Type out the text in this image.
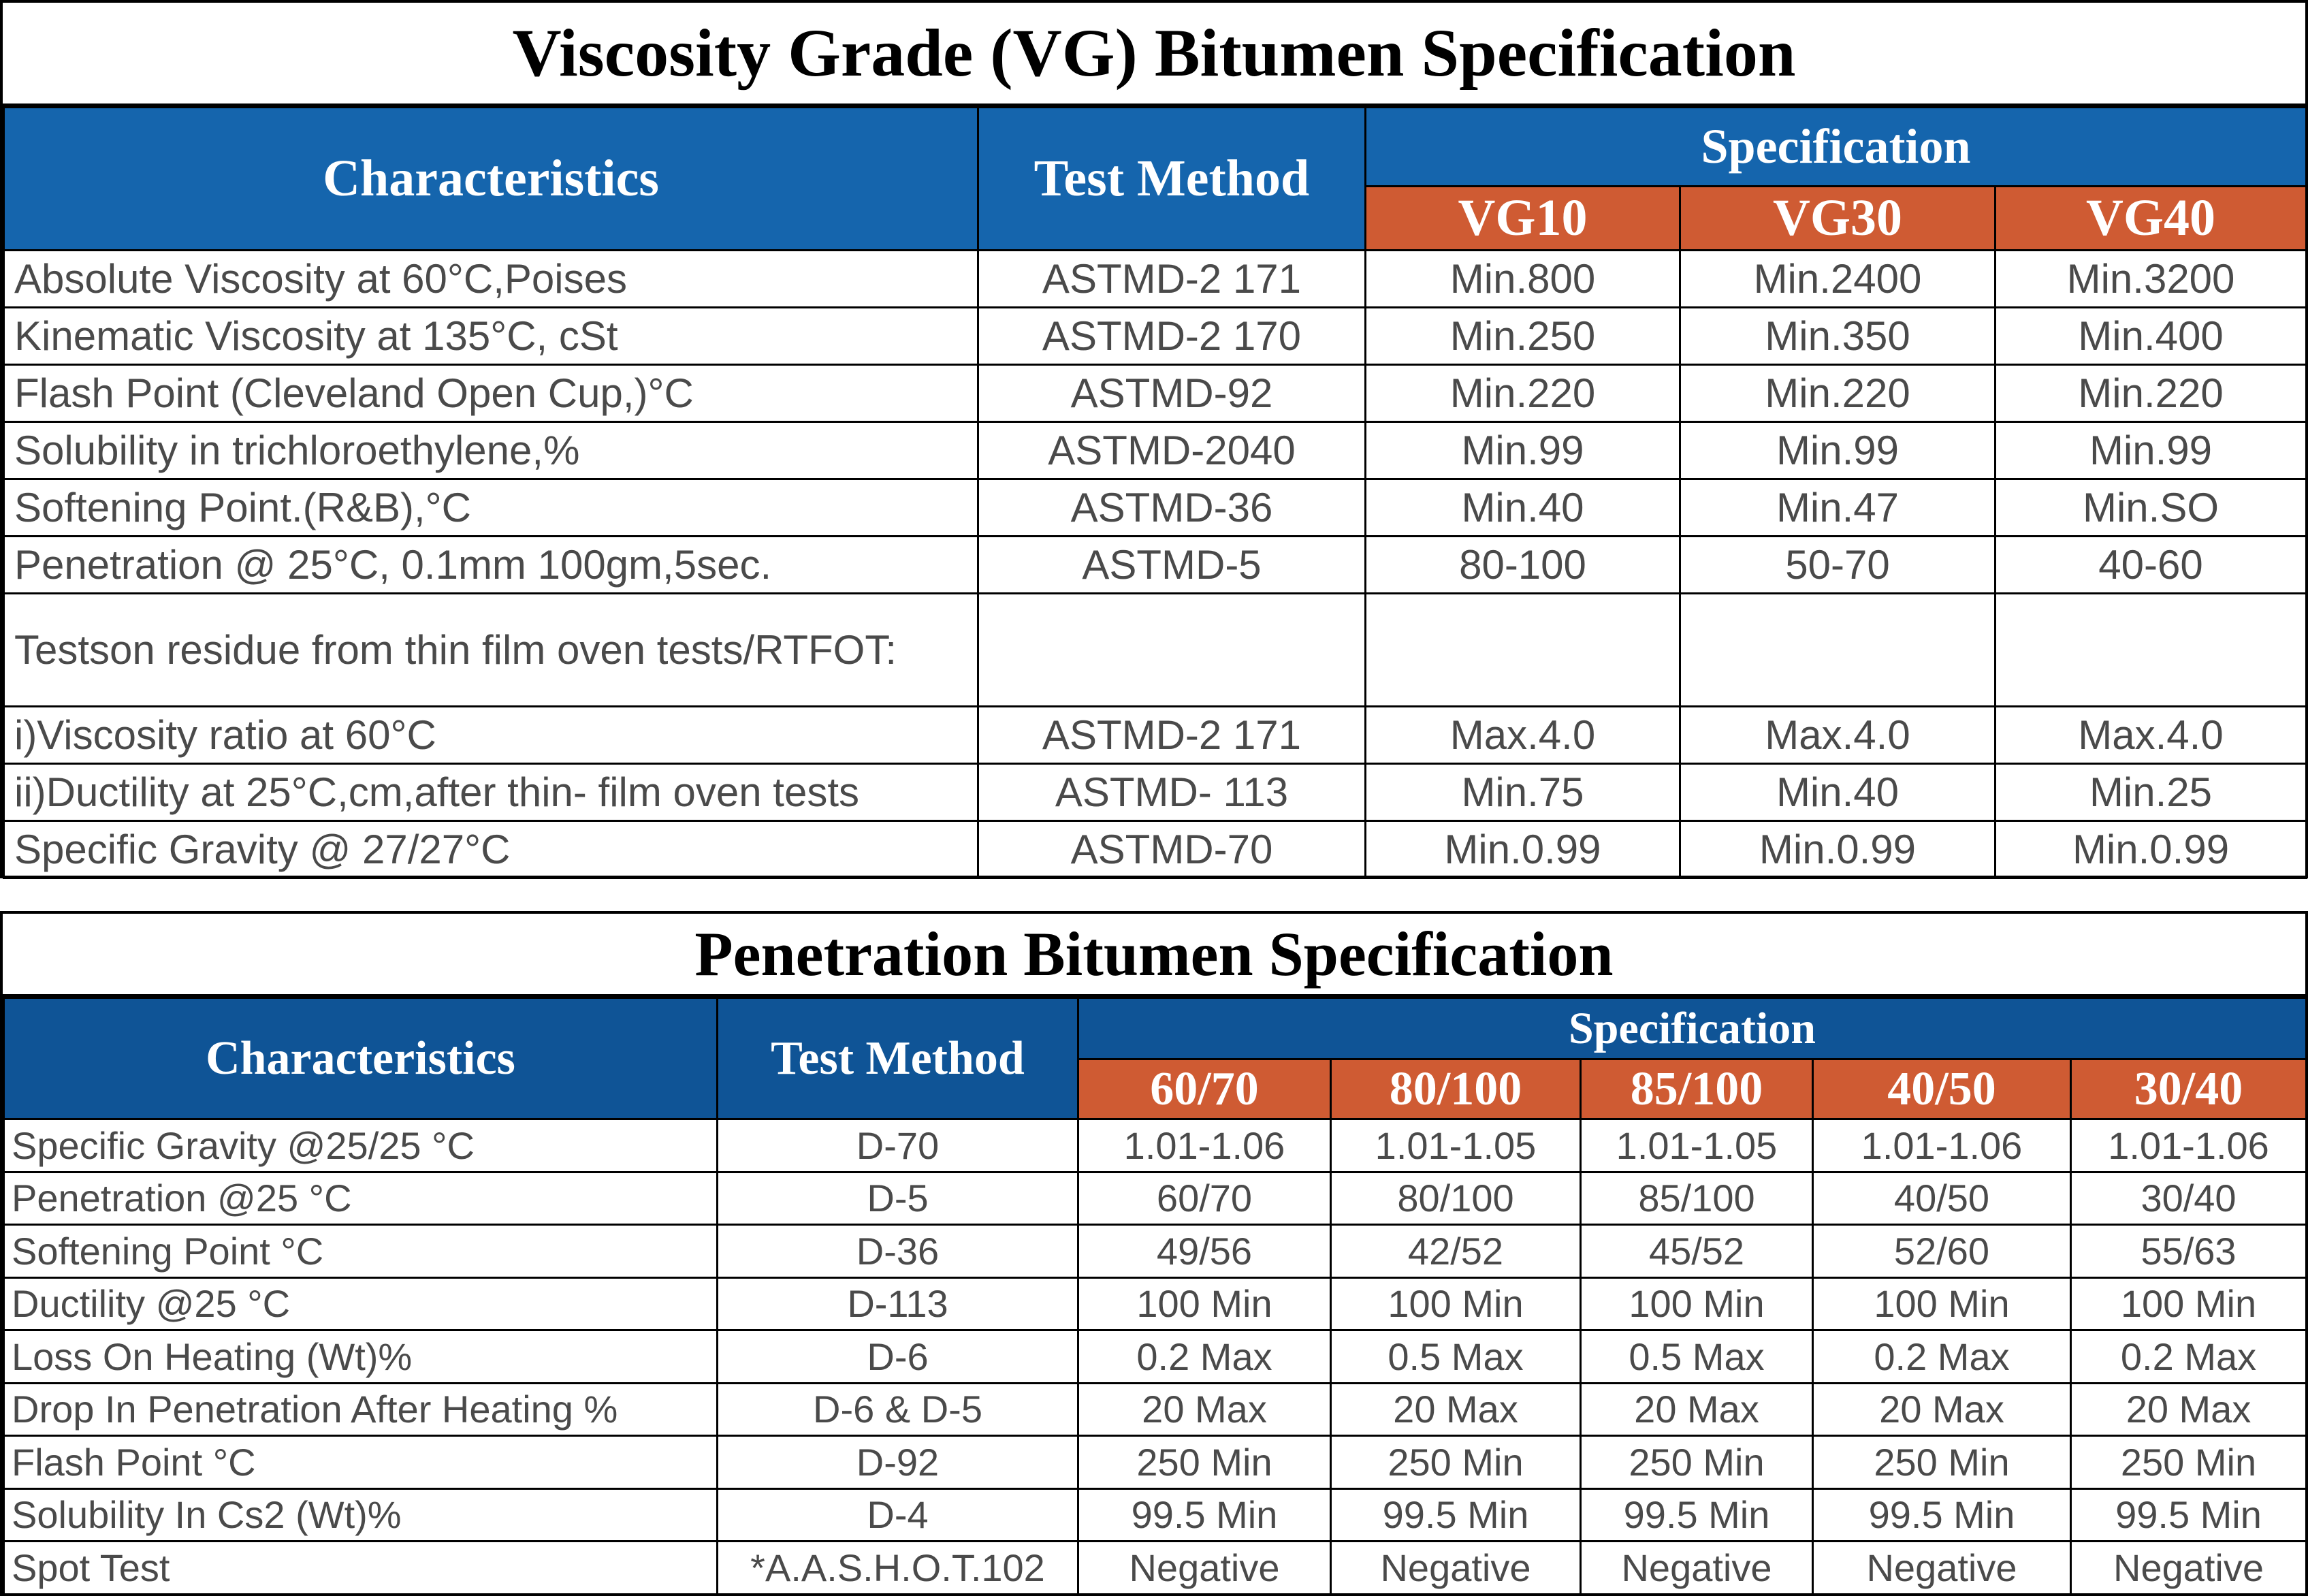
Viscosity Grade (VG) Bitumen Specification
Characteristics	Test Method	Specification		
		VG10	VG30	VG40
Absolute Viscosity at 60°C,Poises	ASTMD-2 171	Min.800	Min.2400	Min.3200
Kinematic Viscosity at 135°C, cSt	ASTMD-2 170	Min.250	Min.350	Min.400
Flash Point (Cleveland Open Cup,)°C	ASTMD-92	Min.220	Min.220	Min.220
Solubility in trichloroethylene,%	ASTMD-2040	Min.99	Min.99	Min.99
Softening Point.(R&B),°C	ASTMD-36	Min.40	Min.47	Min.SO
Penetration @ 25°C, 0.1mm 100gm,5sec.	ASTMD-5	80-100	50-70	40-60
Testson residue from thin film oven tests/RTFOT:				
i)Viscosity ratio at 60°C	ASTMD-2 171	Max.4.0	Max.4.0	Max.4.0
ii)Ductility at 25°C,cm,after thin- film oven tests	ASTMD- 113	Min.75	Min.40	Min.25
Specific Gravity @ 27/27°C	ASTMD-70	Min.0.99	Min.0.99	Min.0.99
Penetration Bitumen Specification
Characteristics	Test Method	Specification				
		60/70	80/100	85/100	40/50	30/40
Specific Gravity @25/25 °C	D-70	1.01-1.06	1.01-1.05	1.01-1.05	1.01-1.06	1.01-1.06
Penetration @25 °C	D-5	60/70	80/100	85/100	40/50	30/40
Softening Point °C	D-36	49/56	42/52	45/52	52/60	55/63
Ductility @25 °C	D-113	100 Min	100 Min	100 Min	100 Min	100 Min
Loss On Heating (Wt)%	D-6	0.2 Max	0.5 Max	0.5 Max	0.2 Max	0.2 Max
Drop In Penetration After Heating %	D-6 & D-5	20 Max	20 Max	20 Max	20 Max	20 Max
Flash Point °C	D-92	250 Min	250 Min	250 Min	250 Min	250 Min
Solubility In Cs2 (Wt)%	D-4	99.5 Min	99.5 Min	99.5 Min	99.5 Min	99.5 Min
Spot Test	*A.A.S.H.O.T.102	Negative	Negative	Negative	Negative	Negative
